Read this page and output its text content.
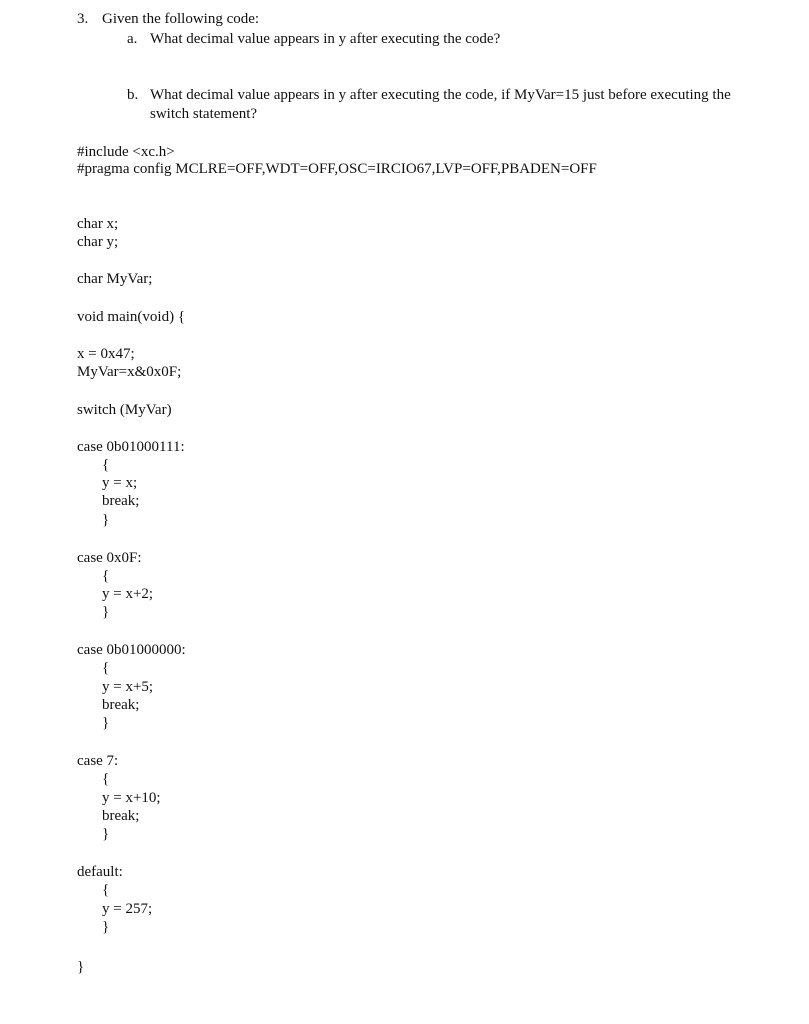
3. Given the following code:
a. What decimal value appears in y after executing the code?
b. What decimal value appears in y after executing the code, if MyVar=15 just before executing the switch statement?
#include <xc.h>
#pragma config MCLRE=OFF,WDT=OFF,OSC=IRCIO67,LVP=OFF,PBADEN=OFF
char x;
char y;
char MyVar;
void main(void) {
x = 0x47;
MyVar=x&0x0F;
switch (MyVar)
case 0b01000111:
{
y = x;
break;
}
case 0x0F:
{
y = x+2;
}
case 0b01000000:
{
y = x+5;
break;
}
case 7:
{
y = x+10;
break;
}
default:
{
y = 257;
}
}
